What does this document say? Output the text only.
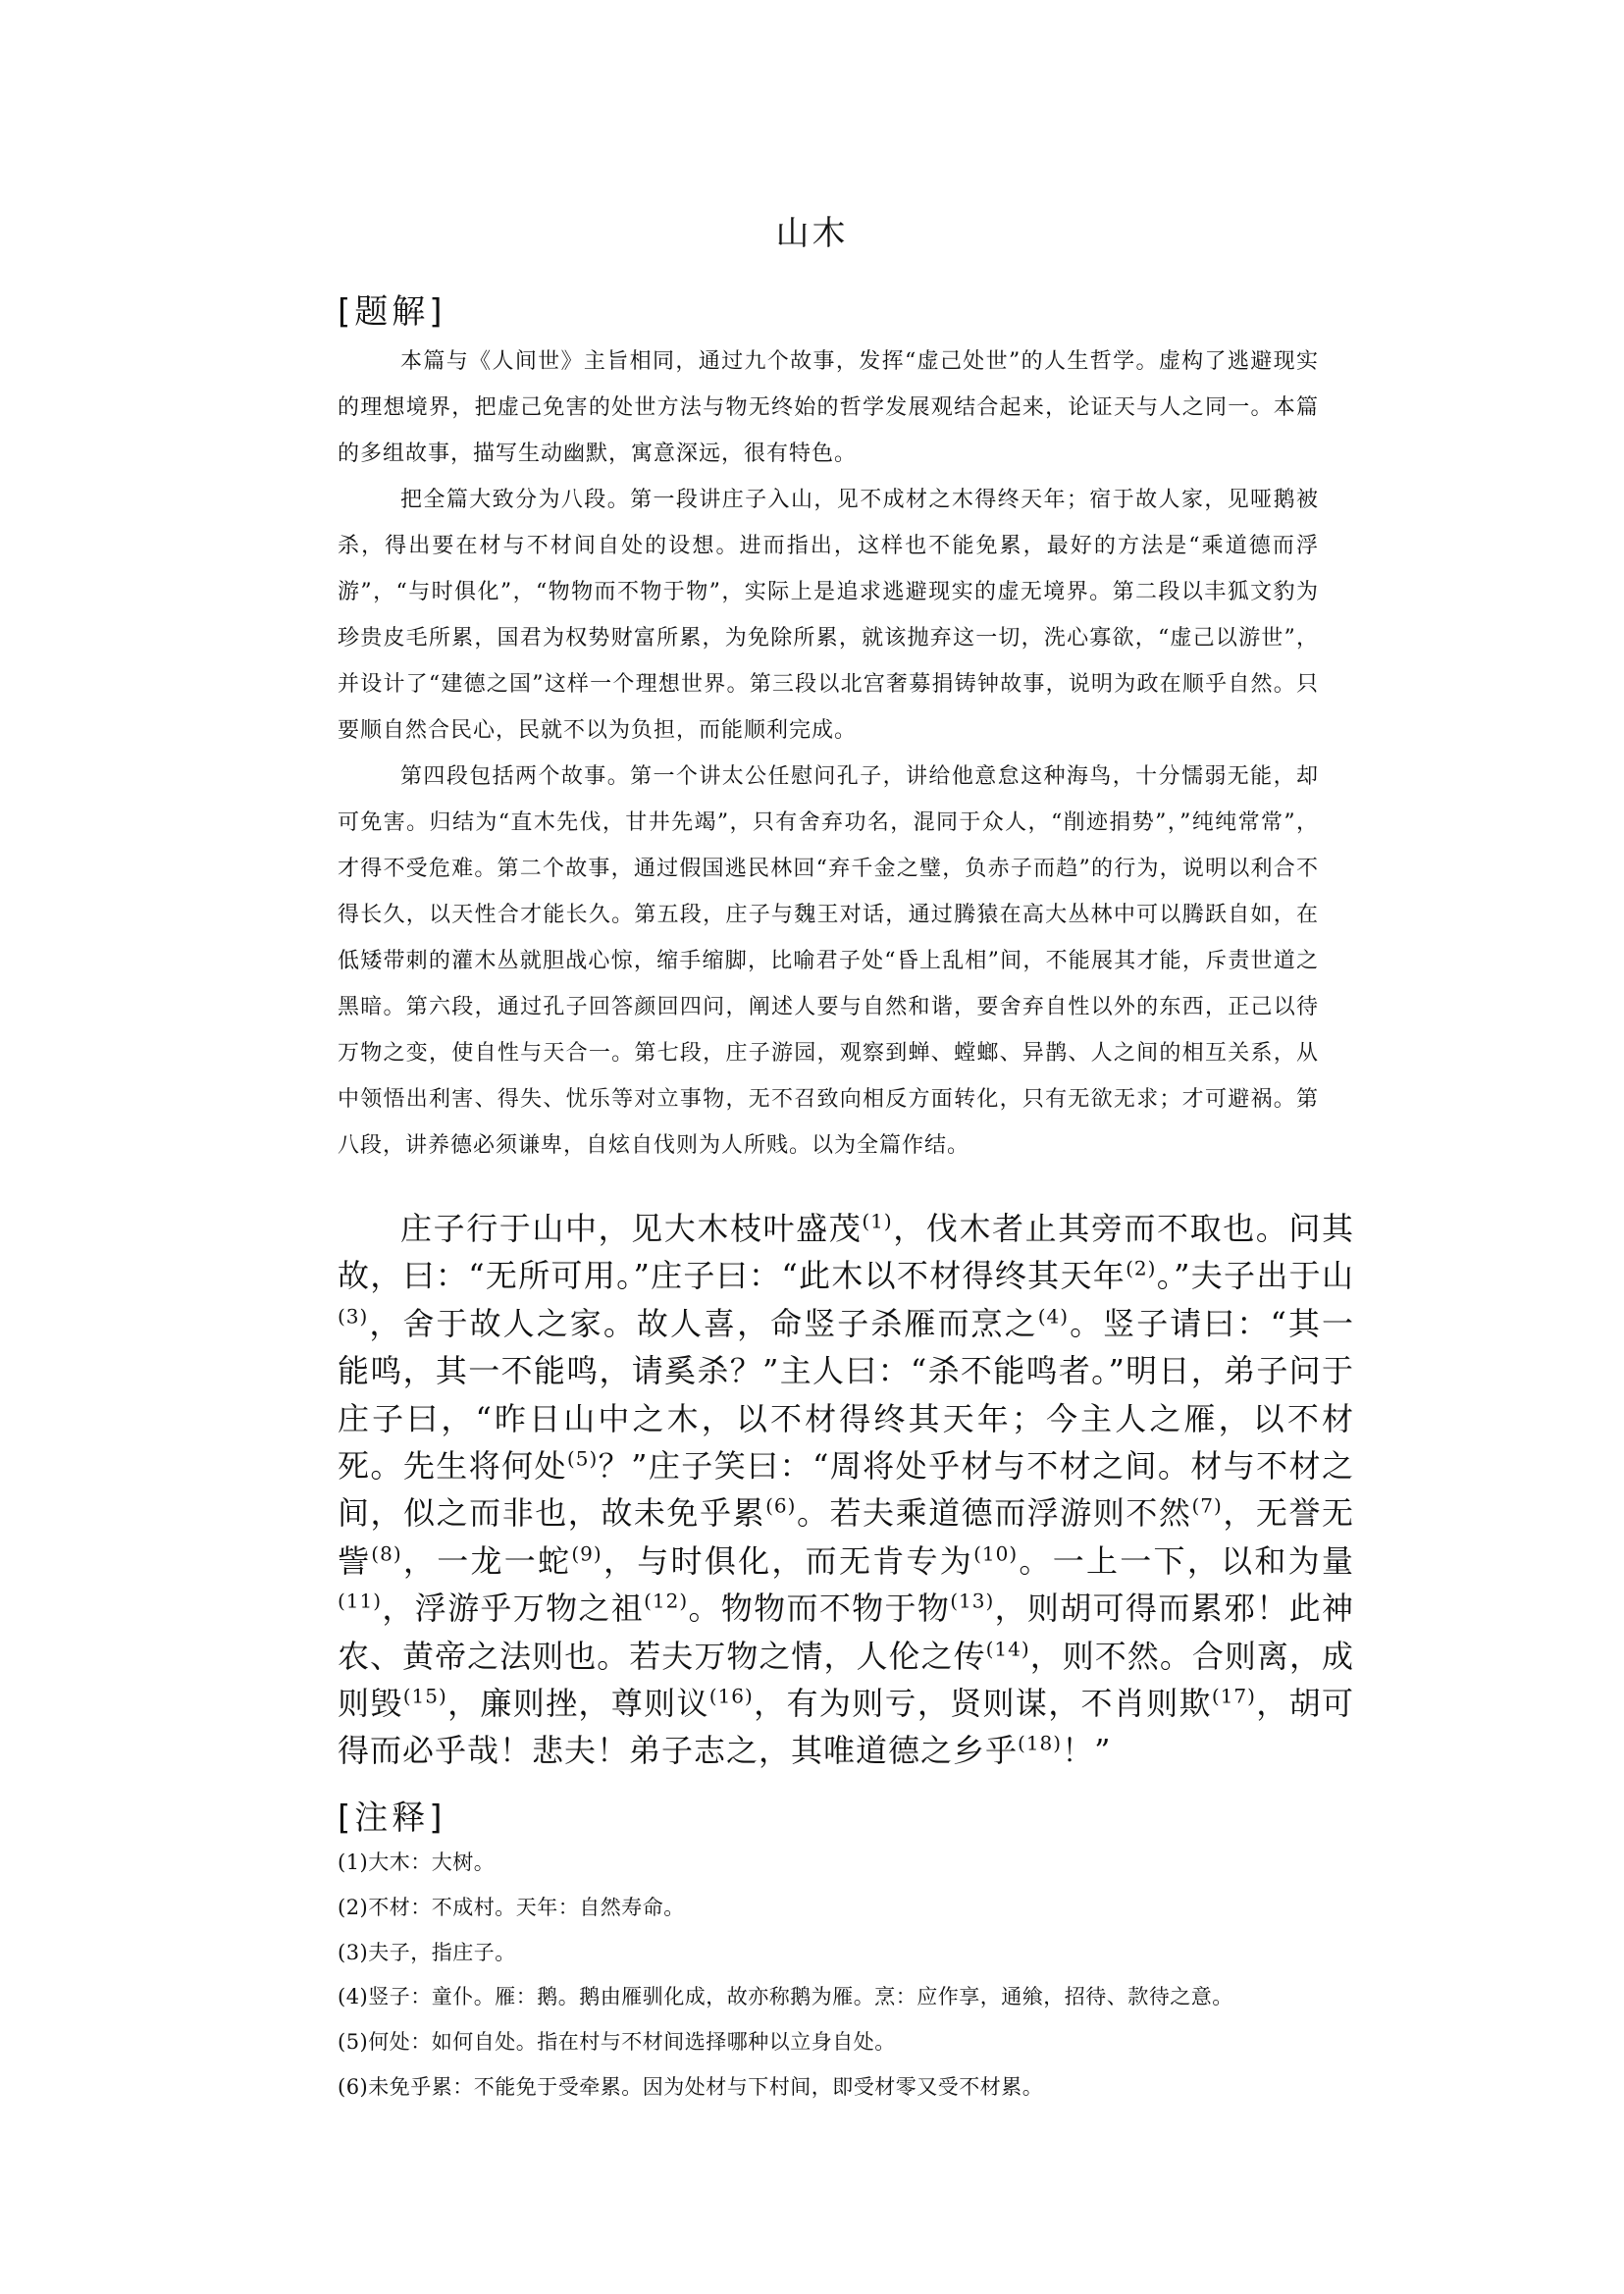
山木
[题解]

本篇与《人间世》主旨相同，通过九个故事，发挥“虚己处世”的人生哲学。虚构了逃避现实的理想境界，把虚己免害的处世方法与物无终始的哲学发展观结合起来，论证天与人之同一。本篇的多组故事，描写生动幽默，寓意深远，很有特色。

把全篇大致分为八段。第一段讲庄子入山，见不成材之木得终天年；宿于故人家，见哑鹅被杀，得出要在材与不材间自处的设想。进而指出，这样也不能免累，最好的方法是“乘道德而浮游”，“与时俱化”，“物物而不物于物”，实际上是追求逃避现实的虚无境界。第二段以丰狐文豹为珍贵皮毛所累，国君为权势财富所累，为免除所累，就该抛弃这一切，洗心寡欲，“虚己以游世”，并设计了“建德之国”这样一个理想世界。第三段以北宫奢募捐铸钟故事，说明为政在顺乎自然。只要顺自然合民心，民就不以为负担，而能顺利完成。

第四段包括两个故事。第一个讲太公任慰问孔子，讲给他意怠这种海鸟，十分懦弱无能，却可免害。归结为“直木先伐，甘井先竭”，只有舍弃功名，混同于众人，“削迹捐势”，”纯纯常常”，才得不受危难。第二个故事，通过假国逃民林回“弃千金之璧，负赤子而趋”的行为，说明以利合不得长久，以天性合才能长久。第五段，庄子与魏王对话，通过腾猿在高大丛林中可以腾跃自如，在低矮带刺的灌木丛就胆战心惊，缩手缩脚，比喻君子处“昏上乱相”间，不能展其才能，斥责世道之黑暗。第六段，通过孔子回答颜回四问，阐述人要与自然和谐，要舍弃自性以外的东西，正己以待万物之变，使自性与天合一。第七段，庄子游园，观察到蝉、螳螂、异鹊、人之间的相互关系，从中领悟出利害、得失、忧乐等对立事物，无不召致向相反方面转化，只有无欲无求；才可避祸。第八段，讲养德必须谦卑，自炫自伐则为人所贱。以为全篇作结。

庄子行于山中，见大木枝叶盛茂$^{(1)}$，伐木者止其旁而不取也。问其故，曰：“无所可用。”庄子曰：“此木以不材得终其天年$^{(2)}$。”夫子出于山$^{(3)}$，舍于故人之家。故人喜，命竖子杀雁而烹之$^{(4)}$。竖子请曰：“其一能鸣，其一不能鸣，请奚杀？”主人曰：“杀不能鸣者。”明日，弟子问于庄子曰，“昨日山中之木，以不材得终其天年；今主人之雁，以不材死。先生将何处$^{(5)}$？”庄子笑曰：“周将处乎材与不材之间。材与不材之间，似之而非也，故未免乎累$^{(6)}$。若夫乘道德而浮游则不然$^{(7)}$，无誉无訾$^{(8)}$，一龙一蛇$^{(9)}$，与时俱化，而无肯专为$^{(10)}$。一上一下，以和为量$^{(11)}$，浮游乎万物之祖$^{(12)}$。物物而不物于物$^{(13)}$，则胡可得而累邪！此神农、黄帝之法则也。若夫万物之情，人伦之传$^{(14)}$，则不然。合则离，成则毁$^{(15)}$，廉则挫，尊则议$^{(16)}$，有为则亏，贤则谋，不肖则欺$^{(17)}$，胡可得而必乎哉！悲夫！弟子志之，其唯道德之乡乎$^{(18)}$！”

[注释]
(1)大木：大树。
(2)不材：不成村。天年：自然寿命。
(3)夫子，指庄子。
(4)竖子：童仆。雁：鹅。鹅由雁驯化成，故亦称鹅为雁。烹：应作享，通飨，招待、款待之意。
(5)何处：如何自处。指在村与不材间选择哪种以立身自处。
(6)未免乎累：不能免于受牵累。因为处材与下村间，即受材零又受不材累。
